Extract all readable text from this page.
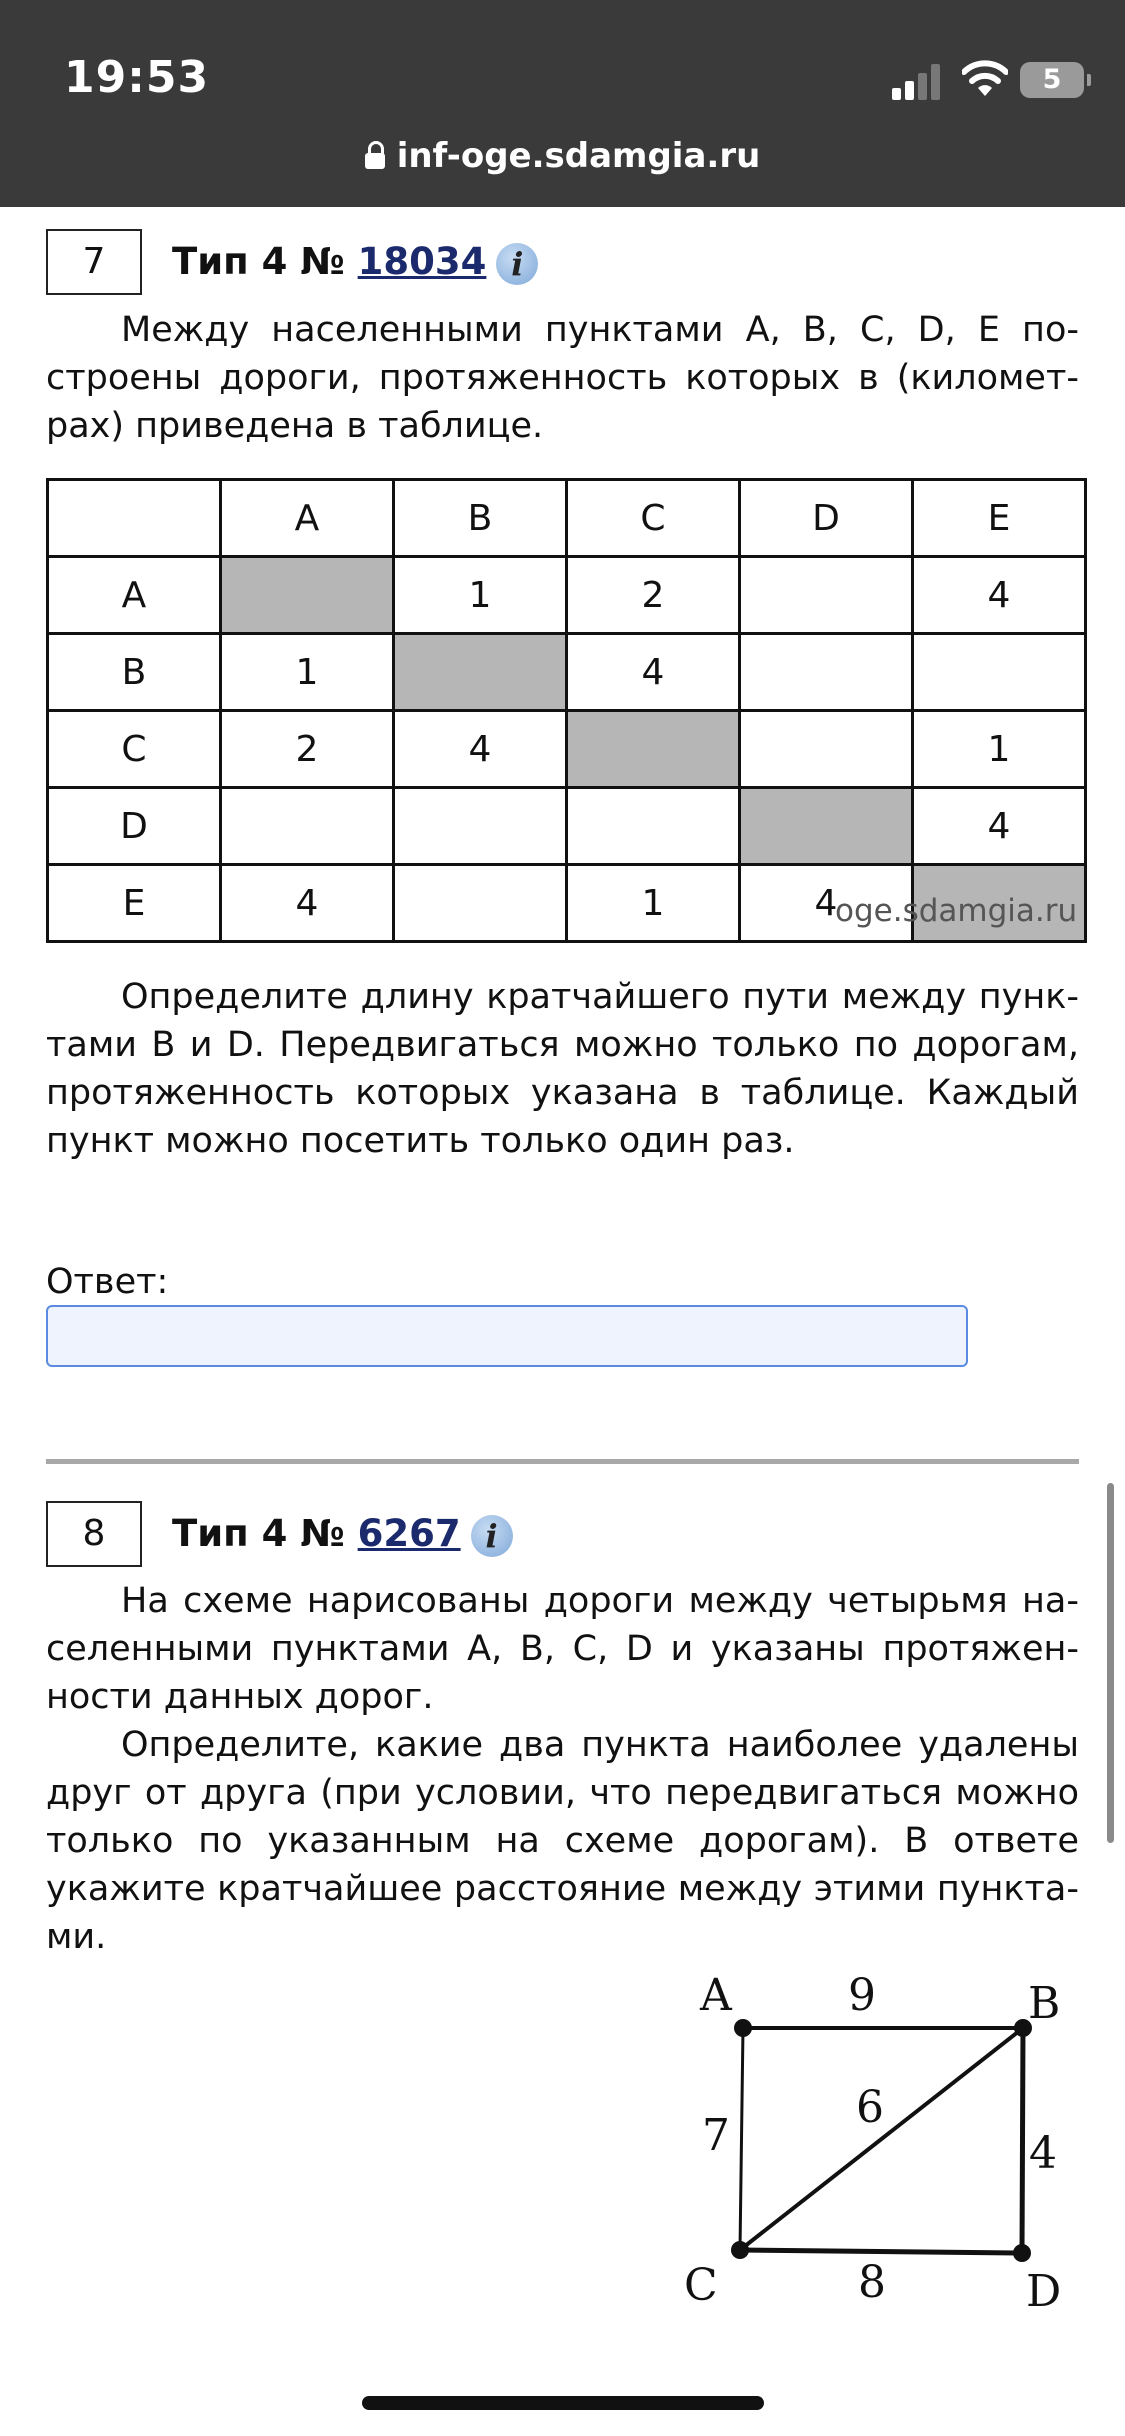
19:53	5
inf-oge.sdamgia.ru
7	Тип 4 № 18034 i

Между населенными пунктами A, B, C, D, E построены дороги, протяженность которых в (километрах) приведена в таблице.

	A	B	C	D	E
A		1	2		4
B	1		4		
C	2	4			1
D					4
E	4		1	4	
oge.sdamgia.ru

Определите длину кратчайшего пути между пунктами B и D. Передвигаться можно только по дорогам, протяженность которых указана в таблице. Каждый пункт можно посетить только один раз.

Ответ:
8	Тип 4 № 6267 i

На схеме нарисованы дороги между четырьмя населенными пунктами A, B, C, D и указаны протяженности данных дорог.

Определите, какие два пункта наиболее удалены друг от друга (при условии, что передвигаться можно только по указанным на схеме дорогам). В ответе укажите кратчайшее расстояние между этими пунктами.

A	B
C	D
9
7
6
4
8
